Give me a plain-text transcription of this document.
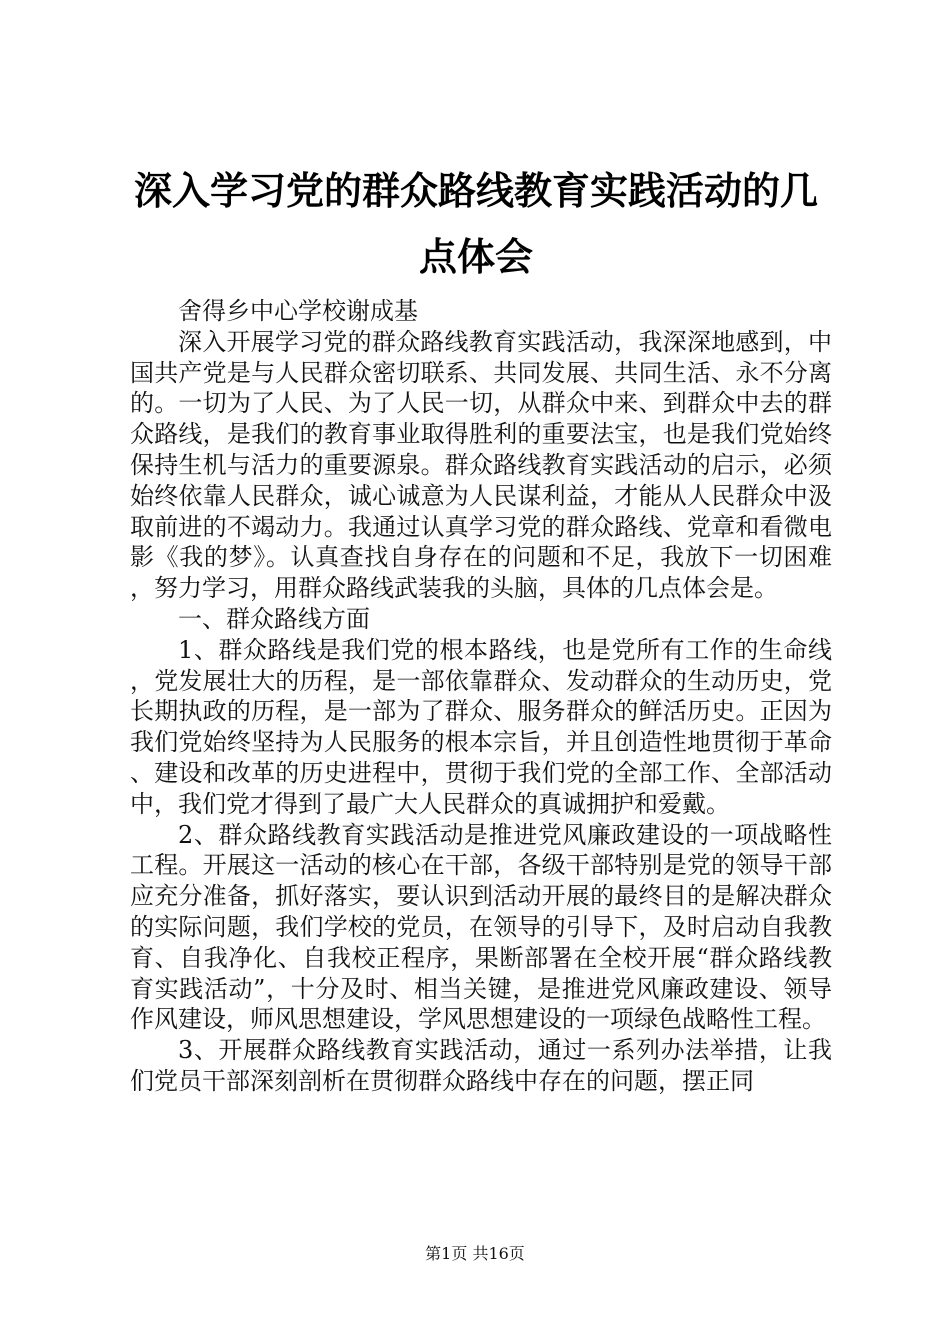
深入学习党的群众路线教育实践活动的几点体会

舍得乡中心学校谢成基

深入开展学习党的群众路线教育实践活动，我深深地感到，中国共产党是与人民群众密切联系、共同发展、共同生活、永不分离的。一切为了人民、为了人民一切，从群众中来、到群众中去的群众路线，是我们的教育事业取得胜利的重要法宝，也是我们党始终保持生机与活力的重要源泉。群众路线教育实践活动的启示，必须始终依靠人民群众，诚心诚意为人民谋利益，才能从人民群众中汲取前进的不竭动力。我通过认真学习党的群众路线、党章和看微电影《我的梦》。认真查找自身存在的问题和不足，我放下一切困难，努力学习，用群众路线武装我的头脑，具体的几点体会是。

一、群众路线方面

1、群众路线是我们党的根本路线，也是党所有工作的生命线，党发展壮大的历程，是一部依靠群众、发动群众的生动历史，党长期执政的历程，是一部为了群众、服务群众的鲜活历史。正因为我们党始终坚持为人民服务的根本宗旨，并且创造性地贯彻于革命、建设和改革的历史进程中，贯彻于我们党的全部工作、全部活动中，我们党才得到了最广大人民群众的真诚拥护和爱戴。

2、群众路线教育实践活动是推进党风廉政建设的一项战略性工程。开展这一活动的核心在干部，各级干部特别是党的领导干部应充分准备，抓好落实，要认识到活动开展的最终目的是解决群众的实际问题，我们学校的党员，在领导的引导下，及时启动自我教育、自我净化、自我校正程序，果断部署在全校开展“群众路线教育实践活动”，十分及时、相当关键，是推进党风廉政建设、领导作风建设，师风思想建设，学风思想建设的一项绿色战略性工程。

3、开展群众路线教育实践活动，通过一系列办法举措，让我们党员干部深刻剖析在贯彻群众路线中存在的问题，摆正同

第1页 共16页
